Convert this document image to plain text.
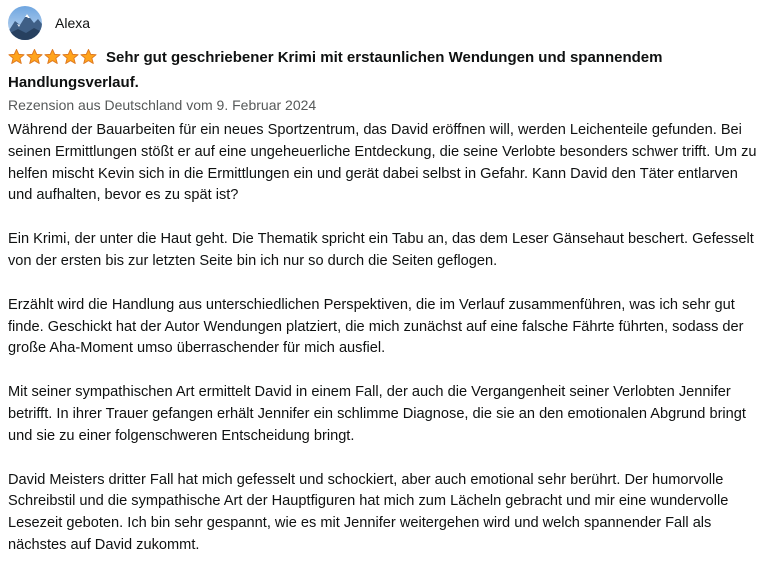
Alexa
Sehr gut geschriebener Krimi mit erstaunlichen Wendungen und spannendem Handlungsverlauf.
Rezension aus Deutschland vom 9. Februar 2024

Während der Bauarbeiten für ein neues Sportzentrum, das David eröffnen will, werden Leichenteile gefunden. Bei seinen Ermittlungen stößt er auf eine ungeheuerliche Entdeckung, die seine Verlobte besonders schwer trifft. Um zu helfen mischt Kevin sich in die Ermittlungen ein und gerät dabei selbst in Gefahr. Kann David den Täter entlarven und aufhalten, bevor es zu spät ist?

Ein Krimi, der unter die Haut geht. Die Thematik spricht ein Tabu an, das dem Leser Gänsehaut beschert. Gefesselt von der ersten bis zur letzten Seite bin ich nur so durch die Seiten geflogen.

Erzählt wird die Handlung aus unterschiedlichen Perspektiven, die im Verlauf zusammenführen, was ich sehr gut finde. Geschickt hat der Autor Wendungen platziert, die mich zunächst auf eine falsche Fährte führten, sodass der große Aha-Moment umso überraschender für mich ausfiel.

Mit seiner sympathischen Art ermittelt David in einem Fall, der auch die Vergangenheit seiner Verlobten Jennifer betrifft. In ihrer Trauer gefangen erhält Jennifer ein schlimme Diagnose, die sie an den emotionalen Abgrund bringt und sie zu einer folgenschweren Entscheidung bringt.

David Meisters dritter Fall hat mich gefesselt und schockiert, aber auch emotional sehr berührt. Der humorvolle Schreibstil und die sympathische Art der Hauptfiguren hat mich zum Lächeln gebracht und mir eine wundervolle Lesezeit geboten. Ich bin sehr gespannt, wie es mit Jennifer weitergehen wird und welch spannender Fall als nächstes auf David zukommt.
